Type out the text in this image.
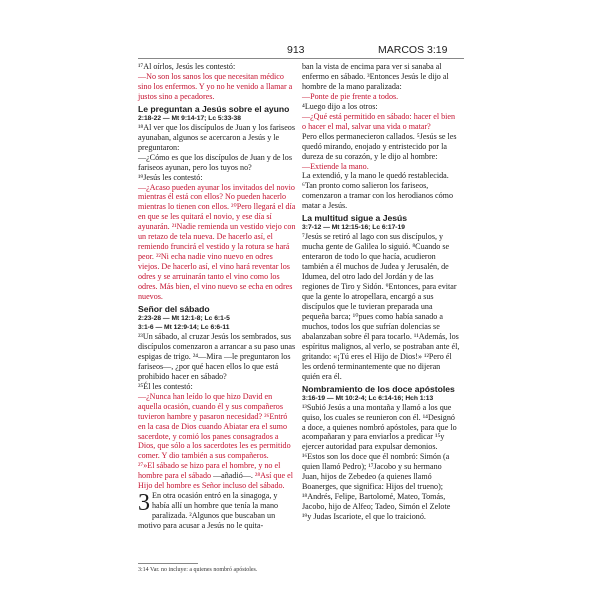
913	MARCOS 3:19

¹⁷Al oírlos, Jesús les contestó:

—No son los sanos los que necesitan médico sino los enfermos. Y yo no he venido a llamar a justos sino a pecadores.

Le preguntan a Jesús sobre el ayuno
2:18-22 — Mt 9:14-17; Lc 5:33-38

¹⁸Al ver que los discípulos de Juan y los fariseos ayunaban, algunos se acercaron a Jesús y le preguntaron:

—¿Cómo es que los discípulos de Juan y de los fariseos ayunan, pero los tuyos no?

¹⁹Jesús les contestó:

—¿Acaso pueden ayunar los invitados del novio mientras él está con ellos? No pueden hacerlo mientras lo tienen con ellos. ²⁰Pero llegará el día en que se les quitará el novio, y ese día sí ayunarán. ²¹Nadie remienda un vestido viejo con un retazo de tela nueva. De hacerlo así, el remiendo fruncirá el vestido y la rotura se hará peor. ²²Ni echa nadie vino nuevo en odres viejos. De hacerlo así, el vino hará reventar los odres y se arruinarán tanto el vino como los odres. Más bien, el vino nuevo se echa en odres nuevos.

Señor del sábado
2:23-28 — Mt 12:1-8; Lc 6:1-5
3:1-6 — Mt 12:9-14; Lc 6:6-11

²³Un sábado, al cruzar Jesús los sembrados, sus discípulos comenzaron a arrancar a su paso unas espigas de trigo. ²⁴—Mira —le preguntaron los fariseos—, ¿por qué hacen ellos lo que está prohibido hacer en sábado?

²⁵Él les contestó:

—¿Nunca han leído lo que hizo David en aquella ocasión, cuando él y sus compañeros tuvieron hambre y pasaron necesidad? ²⁶Entró en la casa de Dios cuando Abiatar era el sumo sacerdote, y comió los panes consagrados a Dios, que sólo a los sacerdotes les es permitido comer. Y dio también a sus compañeros.

²⁷»El sábado se hizo para el hombre, y no el hombre para el sábado —añadió—. ²⁸Así que el Hijo del hombre es Señor incluso del sábado.

3 En otra ocasión entró en la sinagoga, y había allí un hombre que tenía la mano paralizada. ²Algunos que buscaban un motivo para acusar a Jesús no le quita-

ban la vista de encima para ver si sanaba al enfermo en sábado. ³Entonces Jesús le dijo al hombre de la mano paralizada:

—Ponte de pie frente a todos.

⁴Luego dijo a los otros:

—¿Qué está permitido en sábado: hacer el bien o hacer el mal, salvar una vida o matar?

Pero ellos permanecieron callados. ⁵Jesús se les quedó mirando, enojado y entristecido por la dureza de su corazón, y le dijo al hombre:

—Extiende la mano.

La extendió, y la mano le quedó restablecida. ⁶Tan pronto como salieron los fariseos, comenzaron a tramar con los herodianos cómo matar a Jesús.

La multitud sigue a Jesús
3:7-12 — Mt 12:15-16; Lc 6:17-19

⁷Jesús se retiró al lago con sus discípulos, y mucha gente de Galilea lo siguió. ⁸Cuando se enteraron de todo lo que hacía, acudieron también a él muchos de Judea y Jerusalén, de Idumea, del otro lado del Jordán y de las regiones de Tiro y Sidón. ⁹Entonces, para evitar que la gente lo atropellara, encargó a sus discípulos que le tuvieran preparada una pequeña barca; ¹⁰pues como había sanado a muchos, todos los que sufrían dolencias se abalanzaban sobre él para tocarlo. ¹¹Además, los espíritus malignos, al verlo, se postraban ante él, gritando: «¡Tú eres el Hijo de Dios!» ¹²Pero él les ordenó terminantemente que no dijeran quién era él.

Nombramiento de los doce apóstoles
3:16-19 — Mt 10:2-4; Lc 6:14-16; Hch 1:13

¹³Subió Jesús a una montaña y llamó a los que quiso, los cuales se reunieron con él. ¹⁴Designó a doce, a quienes nombró apóstoles, para que lo acompañaran y para enviarlos a predicar ¹⁵y ejercer autoridad para expulsar demonios. ¹⁶Estos son los doce que él nombró: Simón (a quien llamó Pedro); ¹⁷Jacobo y su hermano Juan, hijos de Zebedeo (a quienes llamó Boanerges, que significa: Hijos del trueno); ¹⁸Andrés, Felipe, Bartolomé, Mateo, Tomás, Jacobo, hijo de Alfeo; Tadeo, Simón el Zelote ¹⁹y Judas Iscariote, el que lo traicionó.

3:14 Var. no incluye: a quienes nombró apóstoles.
